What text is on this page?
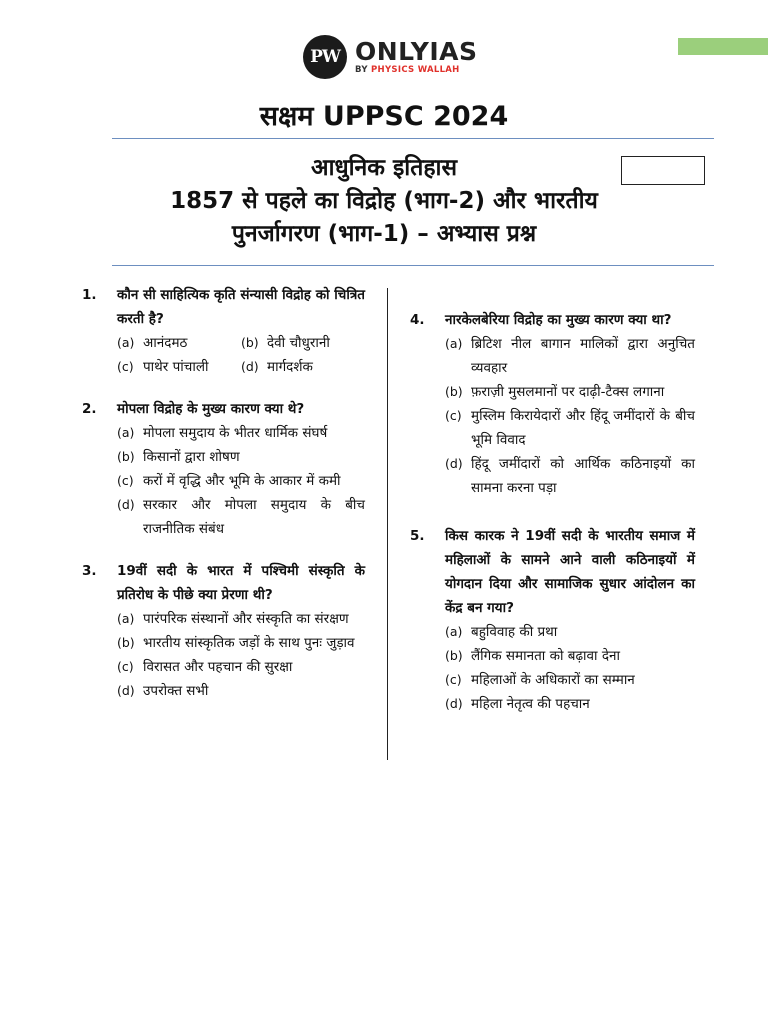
PW ONLYIAS
BY PHYSICS WALLAH
सक्षम UPPSC 2024
आधुनिक इतिहास
1857 से पहले का विद्रोह (भाग-2) और भारतीय
पुनर्जागरण (भाग-1) – अभ्यास प्रश्न
1.	कौन सी साहित्यिक कृति संन्यासी विद्रोह को चित्रित करती है?
(a) आनंदमठ	(b) देवी चौधुरानी
(c) पाथेर पांचाली	(d) मार्गदर्शक
2.	मोपला विद्रोह के मुख्य कारण क्या थे?
(a) मोपला समुदाय के भीतर धार्मिक संघर्ष
(b) किसानों द्वारा शोषण
(c) करों में वृद्धि और भूमि के आकार में कमी
(d) सरकार और मोपला समुदाय के बीच राजनीतिक संबंध
3.	19वीं सदी के भारत में पश्चिमी संस्कृति के प्रतिरोध के पीछे क्या प्रेरणा थी?
(a) पारंपरिक संस्थानों और संस्कृति का संरक्षण
(b) भारतीय सांस्कृतिक जड़ों के साथ पुनः जुड़ाव
(c) विरासत और पहचान की सुरक्षा
(d) उपरोक्त सभी
4.	नारकेलबेरिया विद्रोह का मुख्य कारण क्या था?
(a) ब्रिटिश नील बागान मालिकों द्वारा अनुचित व्यवहार
(b) फ़राज़ी मुसलमानों पर दाढ़ी-टैक्स लगाना
(c) मुस्लिम किरायेदारों और हिंदू जमींदारों के बीच भूमि विवाद
(d) हिंदू जमींदारों को आर्थिक कठिनाइयों का सामना करना पड़ा
5.	किस कारक ने 19वीं सदी के भारतीय समाज में महिलाओं के सामने आने वाली कठिनाइयों में योगदान दिया और सामाजिक सुधार आंदोलन का केंद्र बन गया?
(a) बहुविवाह की प्रथा
(b) लैंगिक समानता को बढ़ावा देना
(c) महिलाओं के अधिकारों का सम्मान
(d) महिला नेतृत्व की पहचान
